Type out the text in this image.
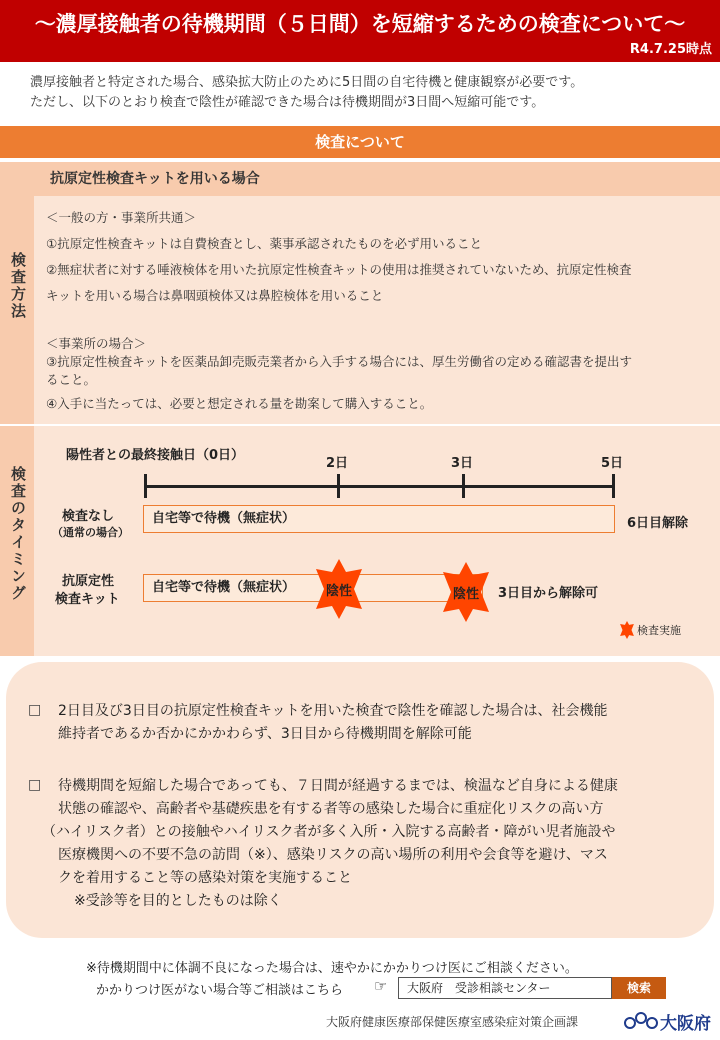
〜濃厚接触者の待機期間（５日間）を短縮するための検査について〜
R4.7.25時点
濃厚接触者と特定された場合、感染拡大防止のために5日間の自宅待機と健康観察が必要です。
ただし、以下のとおり検査で陰性が確認できた場合は待機期間が3日間へ短縮可能です。
検査について
検査方法
抗原定性検査キットを用いる場合
＜一般の方・事業所共通＞
①抗原定性検査キットは自費検査とし、薬事承認されたものを必ず用いること
②無症状者に対する唾液検体を用いた抗原定性検査キットの使用は推奨されていないため、抗原定性検査
キットを用いる場合は鼻咽頭検体又は鼻腔検体を用いること
＜事業所の場合＞
③抗原定性検査キットを医薬品卸売販売業者から入手する場合には、厚生労働省の定める確認書を提出す
ること。
④入手に当たっては、必要と想定される量を勘案して購入すること。
検査のタイミング
陽性者との最終接触日（0日）
2日	3日	5日
検査なし
（通常の場合）
自宅等で待機（無症状）	6日目解除
抗原定性
検査キット
自宅等で待機（無症状）	陰性	陰性	3日目から解除可
検査実施
□ 2日目及び3日目の抗原定性検査キットを用いた検査で陰性を確認した場合は、社会機能
維持者であるか否かにかかわらず、3日目から待機期間を解除可能
□ 待機期間を短縮した場合であっても、７日間が経過するまでは、検温など自身による健康
状態の確認や、高齢者や基礎疾患を有する者等の感染した場合に重症化リスクの高い方
（ハイリスク者）との接触やハイリスク者が多く入所・入院する高齢者・障がい児者施設や
医療機関への不要不急の訪問（※）、感染リスクの高い場所の利用や会食等を避け、マス
クを着用すること等の感染対策を実施すること
※受診等を目的としたものは除く
※待機期間中に体調不良になった場合は、速やかにかかりつけ医にご相談ください。
かかりつけ医がない場合等ご相談はこちら ☞	大阪府　受診相談センター	検索
大阪府健康医療部保健医療室感染症対策企画課	大阪府
